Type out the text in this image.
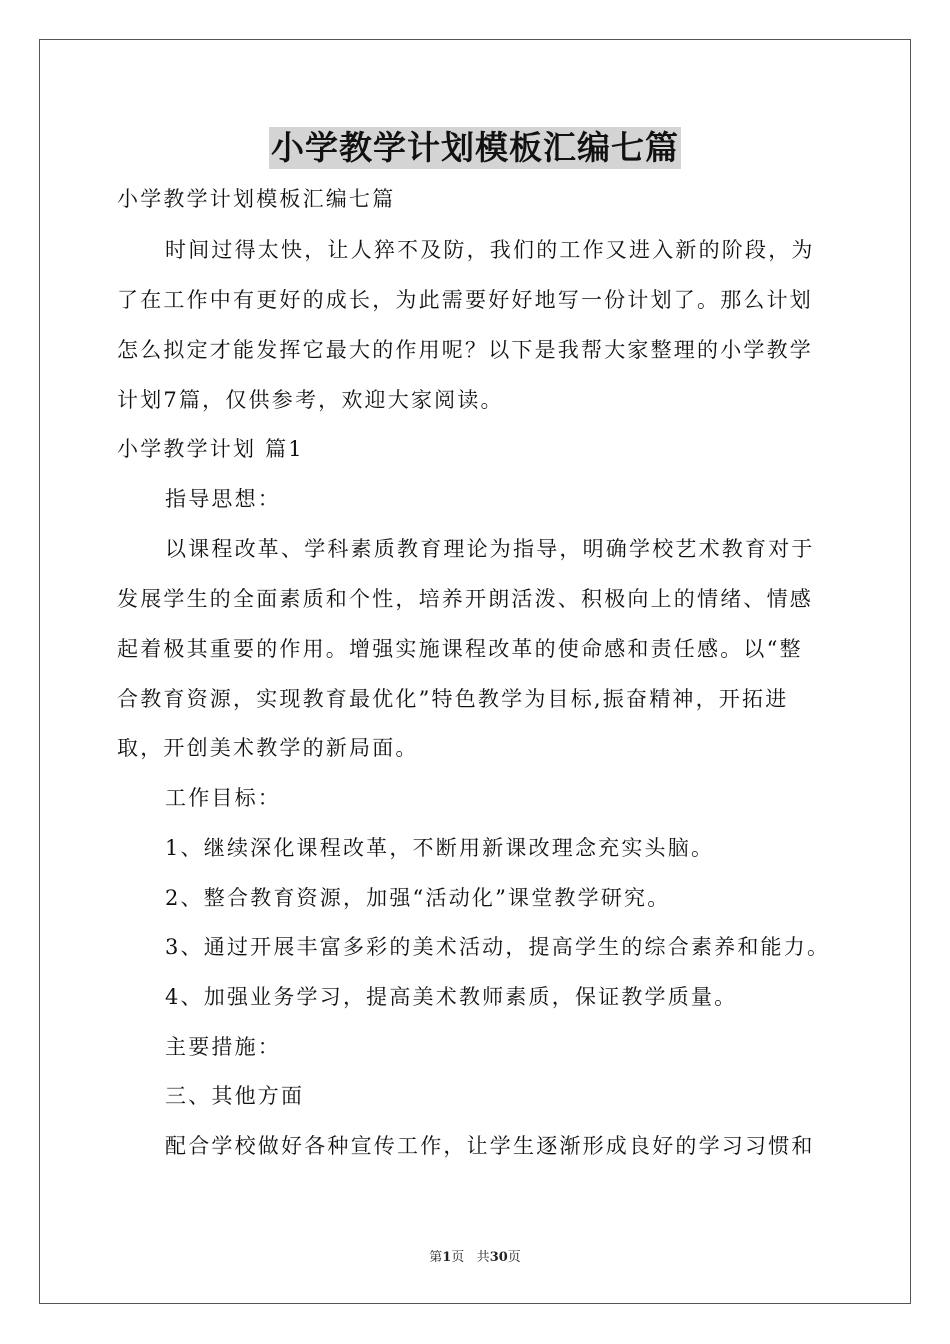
小学教学计划模板汇编七篇
小学教学计划模板汇编七篇
时间过得太快，让人猝不及防，我们的工作又进入新的阶段，为
了在工作中有更好的成长，为此需要好好地写一份计划了。那么计划
怎么拟定才能发挥它最大的作用呢？以下是我帮大家整理的小学教学
计划7篇，仅供参考，欢迎大家阅读。
小学教学计划 篇1
指导思想：
以课程改革、学科素质教育理论为指导，明确学校艺术教育对于
发展学生的全面素质和个性，培养开朗活泼、积极向上的情绪、情感
起着极其重要的作用。增强实施课程改革的使命感和责任感。以“整
合教育资源，实现教育最优化”特色教学为目标,振奋精神，开拓进
取，开创美术教学的新局面。
工作目标：
1、继续深化课程改革，不断用新课改理念充实头脑。
2、整合教育资源，加强“活动化”课堂教学研究。
3、通过开展丰富多彩的美术活动，提高学生的综合素养和能力。
4、加强业务学习，提高美术教师素质，保证教学质量。
主要措施：
三、其他方面
配合学校做好各种宣传工作，让学生逐渐形成良好的学习习惯和
第1页 共30页
